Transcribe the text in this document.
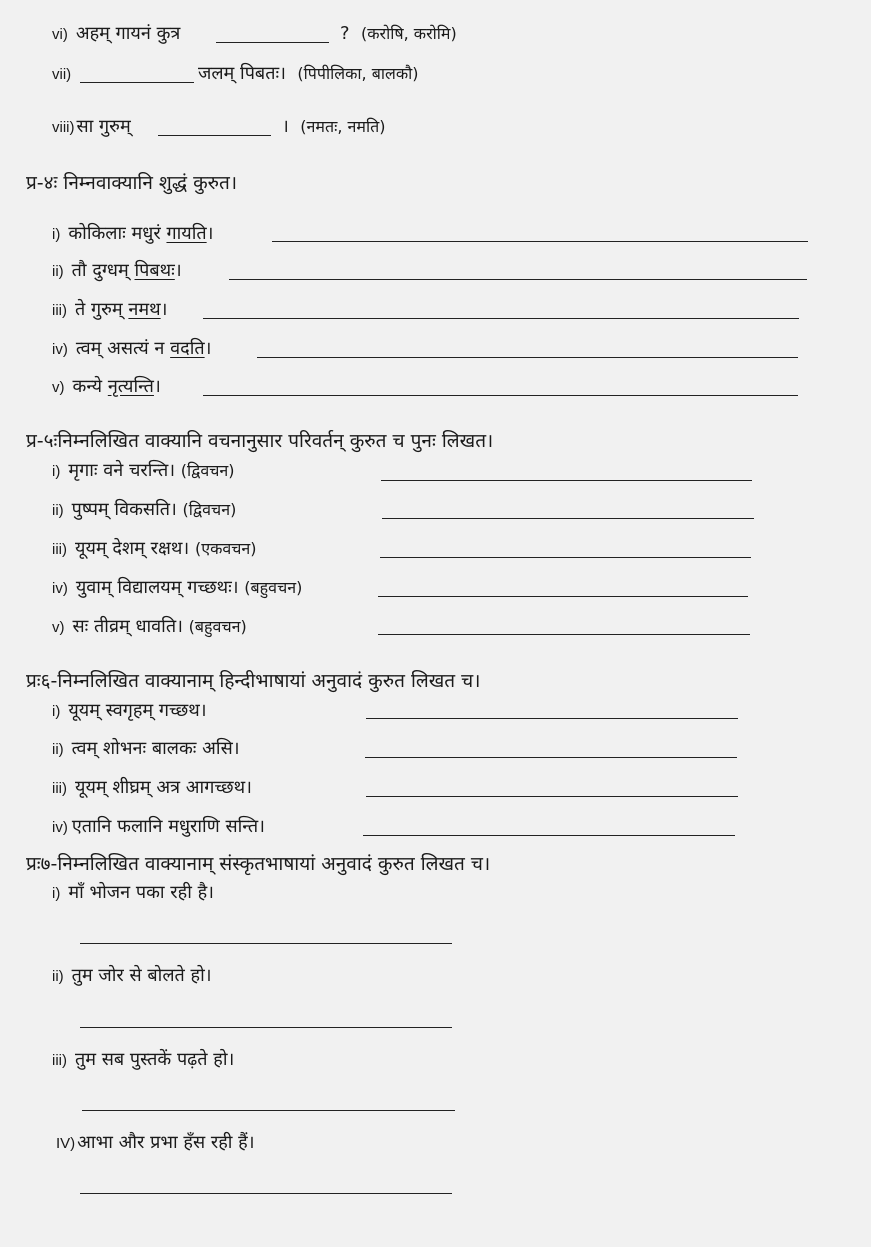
vi) अहम् गायनं कुत्र	? (करोषि, करोमि)
vii)	जलम् पिबतः। (पिपीलिका, बालकौ)
viii) सा गुरुम्	। (नमतः, नमति)
प्र-४ः निम्नवाक्यानि शुद्धं कुरुत।
i) कोकिलाः मधुरं गायति।
ii) तौ दुग्धम् पिबथः।
iii) ते गुरुम् नमथ।
iv) त्वम् असत्यं न वदति।
v) कन्ये नृत्यन्ति।
प्र-५ःनिम्नलिखित वाक्यानि वचनानुसार परिवर्तन् कुरुत च पुनः लिखत।
i) मृगाः वने चरन्ति। (द्विवचन)
ii) पुष्पम् विकसति। (द्विवचन)
iii) यूयम् देशम् रक्षथ। (एकवचन)
iv) युवाम् विद्यालयम् गच्छथः। (बहुवचन)
v) सः तीव्रम् धावति। (बहुवचन)
प्रः६-निम्नलिखित वाक्यानाम् हिन्दीभाषायां अनुवादं कुरुत लिखत च।
i) यूयम् स्वगृहम् गच्छथ।
ii) त्वम् शोभनः बालकः असि।
iii) यूयम् शीघ्रम् अत्र आगच्छथ।
iv) एतानि फलानि मधुराणि सन्ति।
प्रः७-निम्नलिखित वाक्यानाम् संस्कृतभाषायां अनुवादं कुरुत लिखत च।
i) माँ भोजन पका रही है।
ii) तुम जोर से बोलते हो।
iii) तुम सब पुस्तकें पढ़ते हो।
IV) आभा और प्रभा हँस रही हैं।
